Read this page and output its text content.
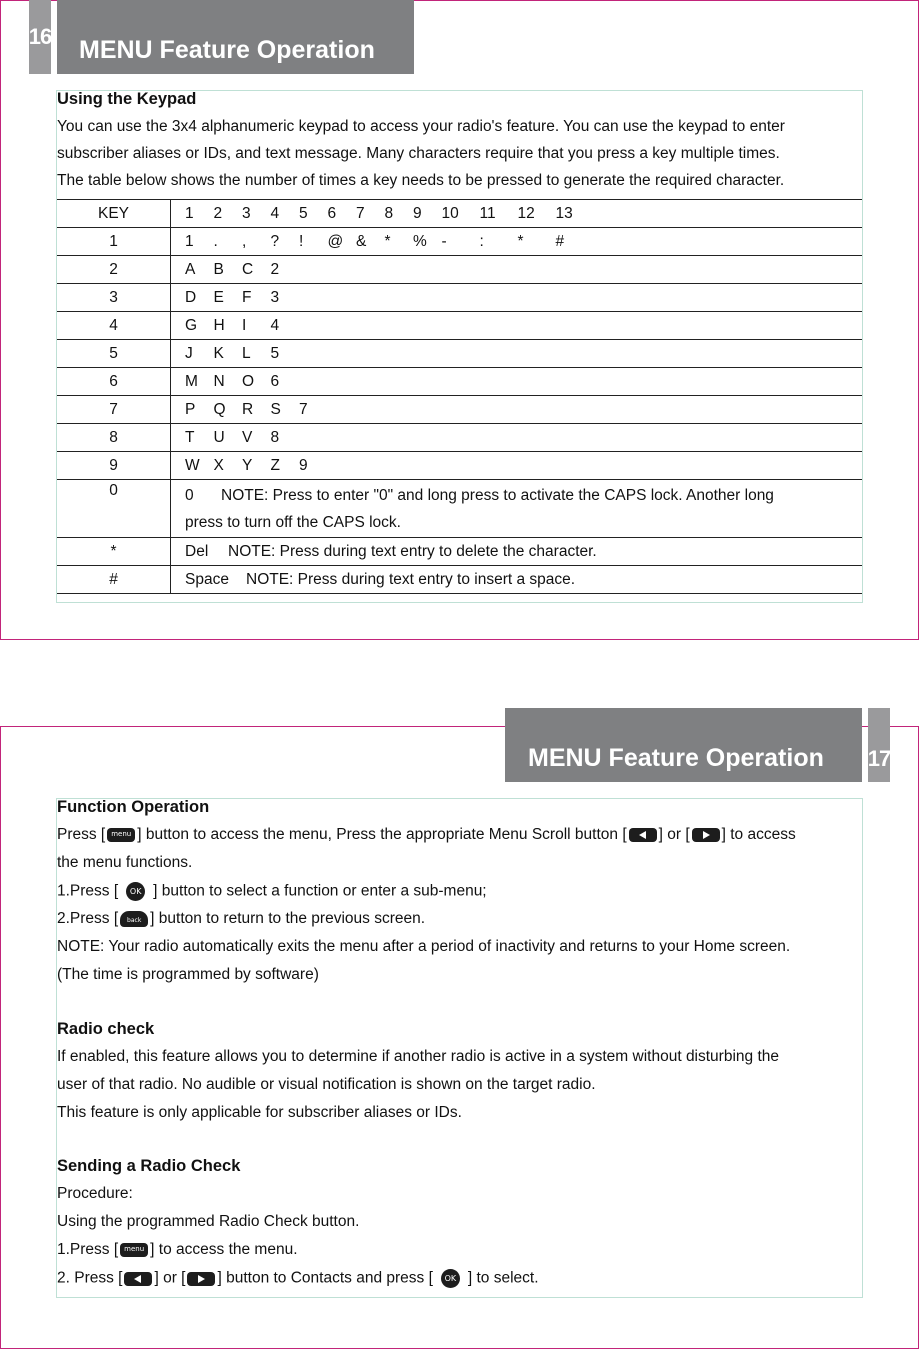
16	MENU Feature Operation
Using the Keypad
You can use the 3x4 alphanumeric keypad to access your radio's feature. You can use the keypad to enter
subscriber aliases or IDs, and text message. Many characters require that you press a key multiple times.
The table below shows the number of times a key needs to be pressed to generate the required character.
KEY	1 2 3 4 5 6 7 8 9 10 11 12 13
1	1 . , ? ! @ & * % - : * #
2	A B C 2
3	D E F 3
4	G H I 4
5	J K L 5
6	M N O 6
7	P Q R S 7
8	T U V 8
9	W X Y Z 9
0	0 NOTE: Press to enter "0" and long press to activate the CAPS lock. Another long
press to turn off the CAPS lock.

*	Del NOTE: Press during text entry to delete the character.
#	Space NOTE: Press during text entry to insert a space.
MENU Feature Operation	17
Function Operation
Press [ menu ] button to access the menu, Press the appropriate Menu Scroll button [ ] or [ ] to access
the menu functions.
1.Press [ OK ] button to select a function or enter a sub-menu;
2.Press [ back ] button to return to the previous screen.
NOTE: Your radio automatically exits the menu after a period of inactivity and returns to your Home screen.
(The time is programmed by software)
Radio check
If enabled, this feature allows you to determine if another radio is active in a system without disturbing the
user of that radio. No audible or visual notification is shown on the target radio.
This feature is only applicable for subscriber aliases or IDs.
Sending a Radio Check
Procedure:
Using the programmed Radio Check button.
1.Press [ menu ] to access the menu.
2. Press [ ] or [ ] button to Contacts and press [ OK ] to select.
